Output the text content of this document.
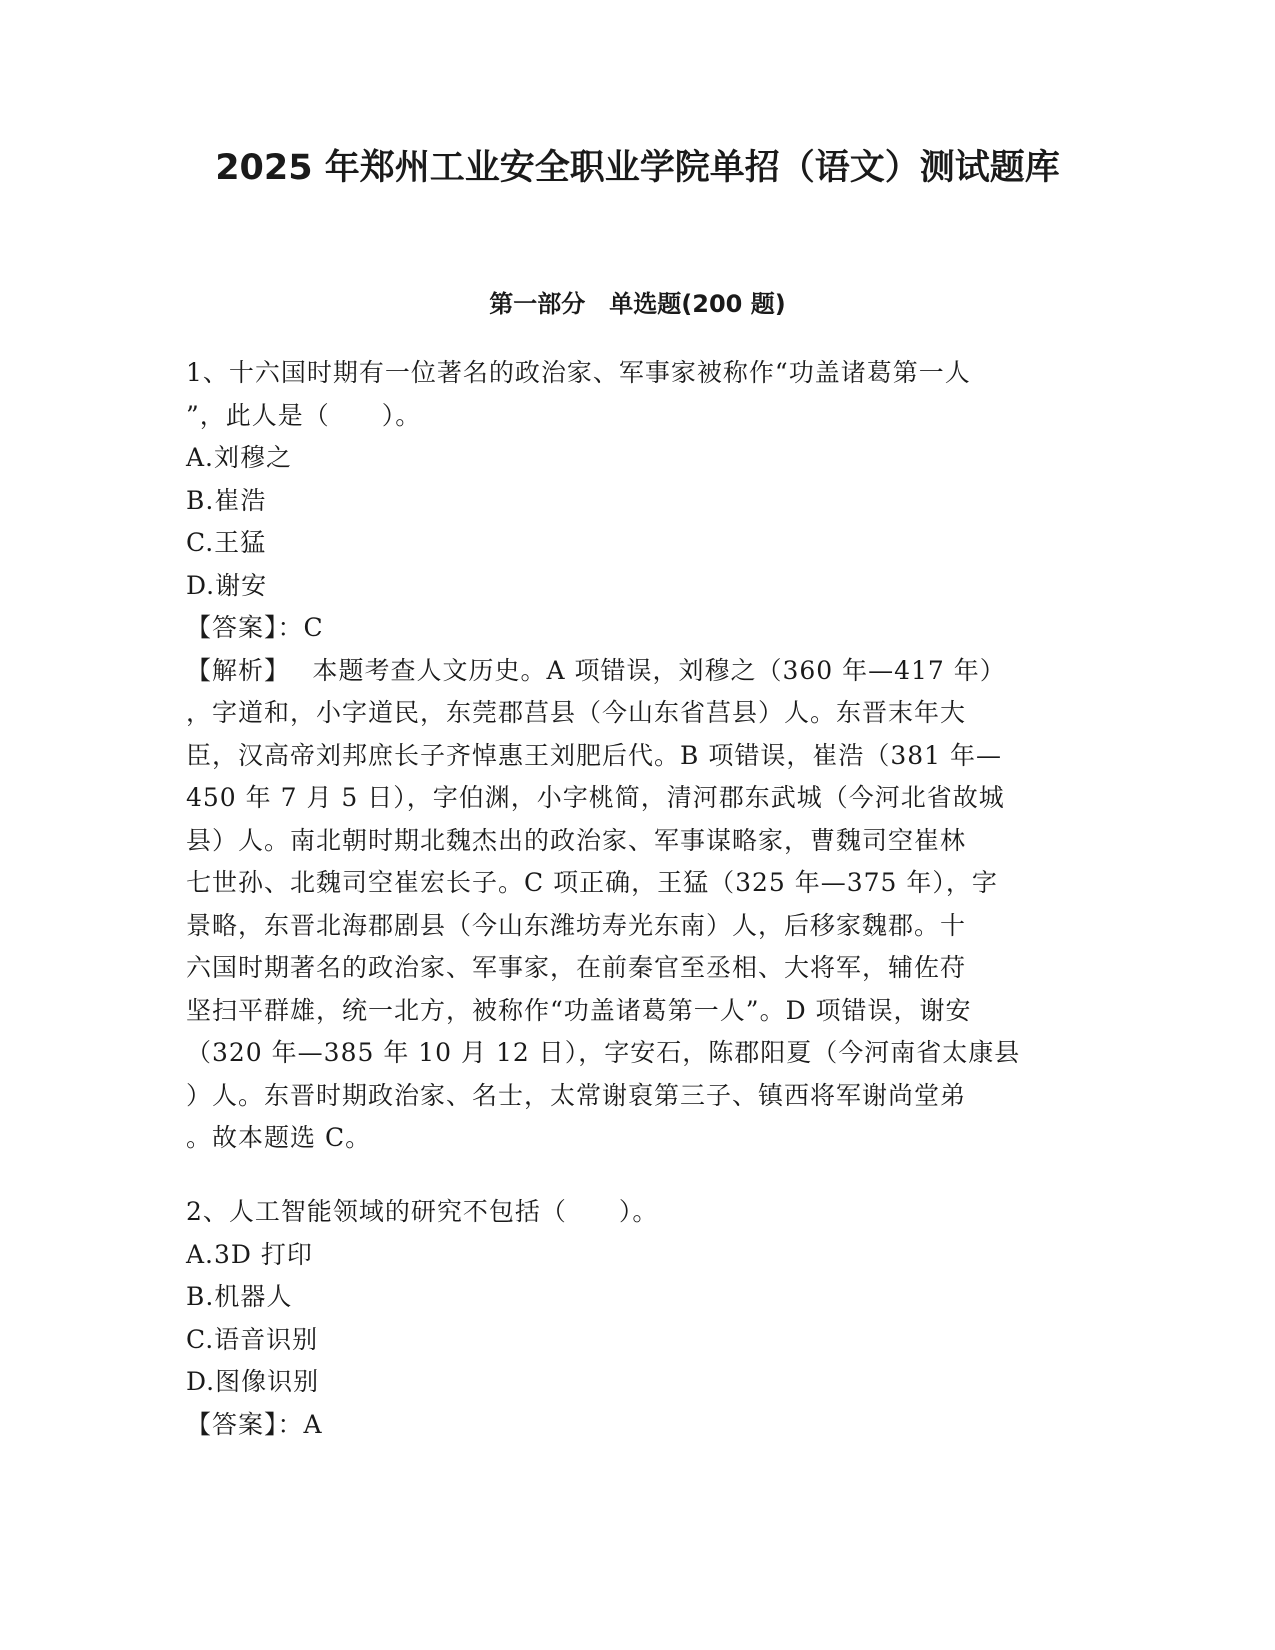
2025 年郑州工业安全职业学院单招（语文）测试题库
第一部分　单选题(200 题)
1、十六国时期有一位著名的政治家、军事家被称作“功盖诸葛第一人
”，此人是（　　）。
A.刘穆之
B.崔浩
C.王猛
D.谢安
【答案】：C
【解析】　 本题考查人文历史。A 项错误，刘穆之（360 年—417 年）
，字道和，小字道民，东莞郡莒县（今山东省莒县）人。东晋末年大
臣，汉高帝刘邦庶长子齐悼惠王刘肥后代。B 项错误，崔浩（381 年—
450 年 7 月 5 日），字伯渊，小字桃简，清河郡东武城（今河北省故城
县）人。南北朝时期北魏杰出的政治家、军事谋略家，曹魏司空崔林
七世孙、北魏司空崔宏长子。C 项正确，王猛（325 年—375 年），字
景略，东晋北海郡剧县（今山东潍坊寿光东南）人，后移家魏郡。十
六国时期著名的政治家、军事家，在前秦官至丞相、大将军，辅佐苻
坚扫平群雄，统一北方，被称作“功盖诸葛第一人”。D 项错误，谢安
（320 年—385 年 10 月 12 日），字安石，陈郡阳夏（今河南省太康县
）人。东晋时期政治家、名士，太常谢裒第三子、镇西将军谢尚堂弟
。故本题选 C。
2、人工智能领域的研究不包括（　　）。
A.3D 打印
B.机器人
C.语音识别
D.图像识别
【答案】：A
